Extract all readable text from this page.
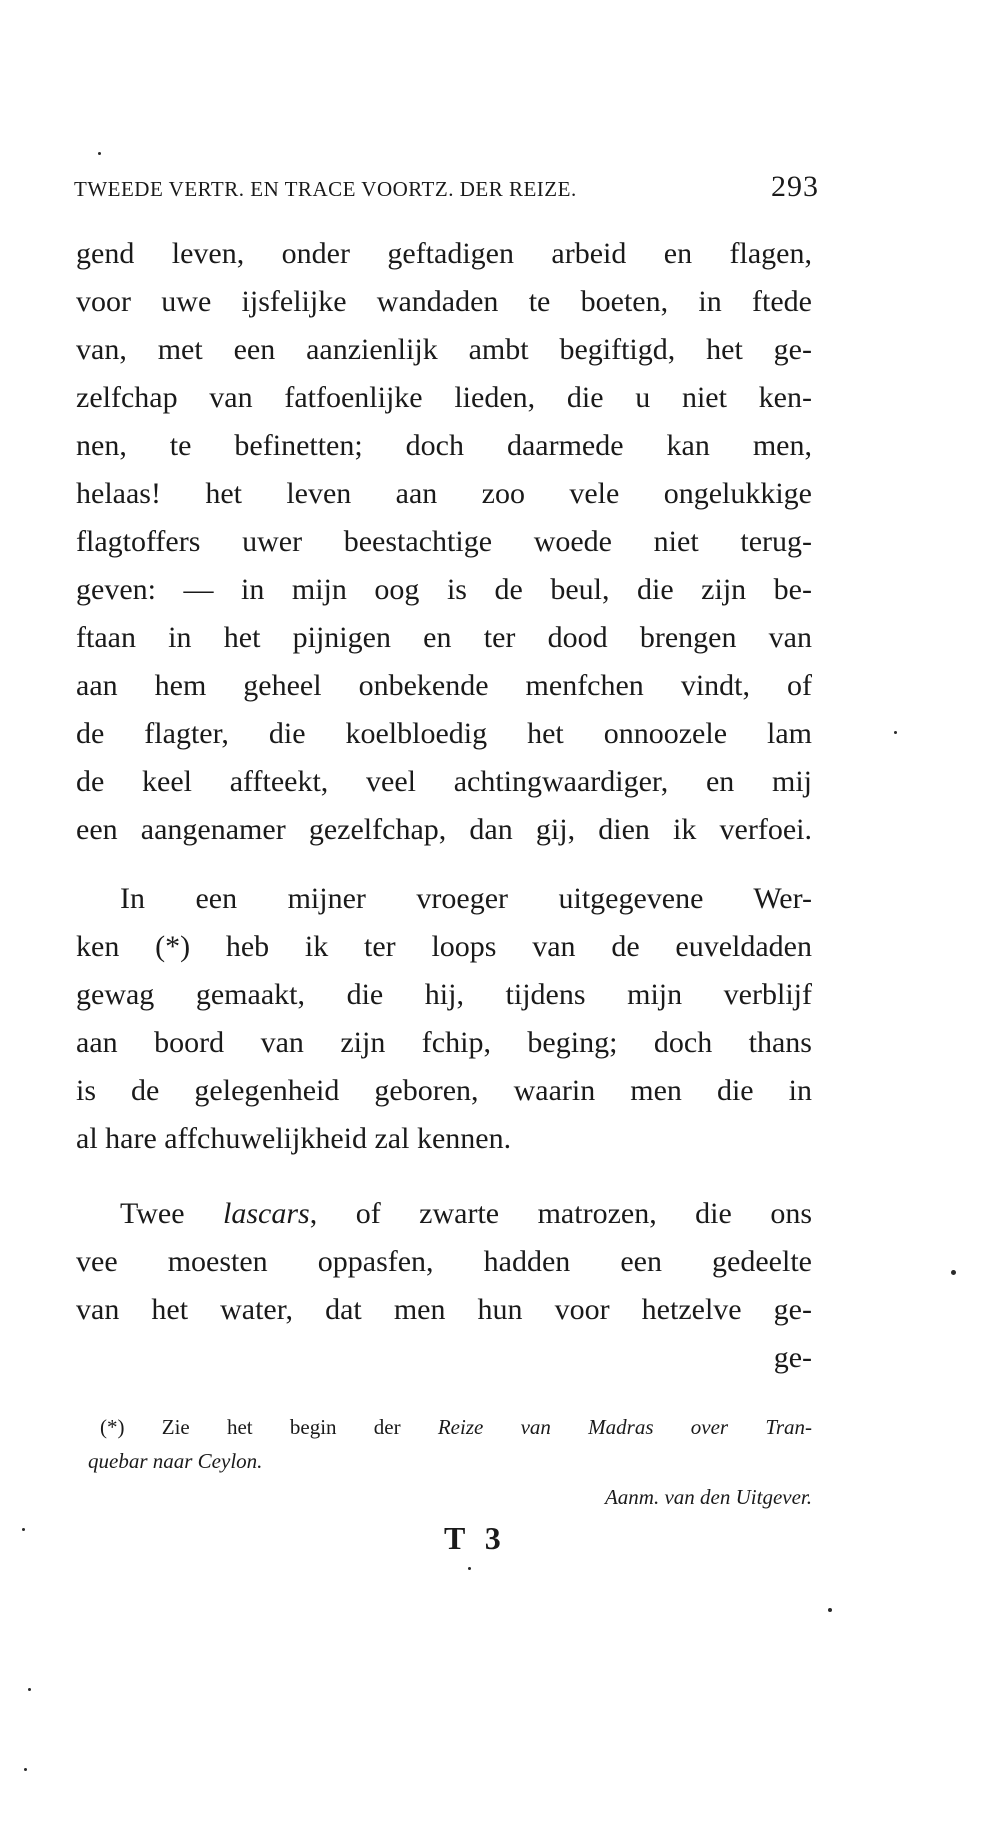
TWEEDE VERTR. EN TRACE VOORTZ. DER REIZE.	293
gend leven, onder geftadigen arbeid en flagen,
voor uwe ijsfelijke wandaden te boeten, in ftede
van, met een aanzienlijk ambt begiftigd, het ge-
zelfchap van fatfoenlijke lieden, die u niet ken-
nen, te befinetten; doch daarmede kan men,
helaas! het leven aan zoo vele ongelukkige
flagtoffers uwer beestachtige woede niet terug-
geven: — in mijn oog is de beul, die zijn be-
ftaan in het pijnigen en ter dood brengen van
aan hem geheel onbekende menfchen vindt, of
de flagter, die koelbloedig het onnoozele lam
de keel affteekt, veel achtingwaardiger, en mij
een aangenamer gezelfchap, dan gij, dien ik verfoei.
In een mijner vroeger uitgegevene Wer-
ken (*) heb ik ter loops van de euveldaden
gewag gemaakt, die hij, tijdens mijn verblijf
aan boord van zijn fchip, beging; doch thans
is de gelegenheid geboren, waarin men die in
al hare affchuwelijkheid zal kennen.
Twee lascars, of zwarte matrozen, die ons
vee moesten oppasfen, hadden een gedeelte
van het water, dat men hun voor hetzelve ge-
ge-
(*) Zie het begin der Reize van Madras over Tran-
quebar naar Ceylon.
Aanm. van den Uitgever.
T 3
